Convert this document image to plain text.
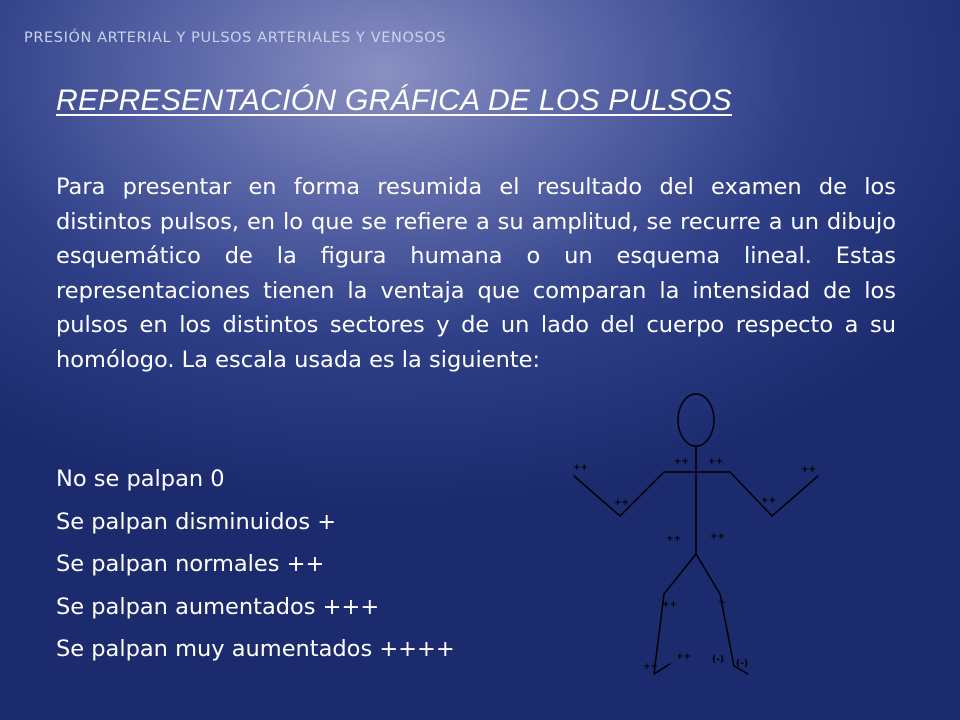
PRESIÓN ARTERIAL Y PULSOS ARTERIALES Y VENOSOS
REPRESENTACIÓN GRÁFICA DE LOS PULSOS

Para presentar en forma resumida el resultado del examen de los distintos pulsos, en lo que se refiere a su amplitud, se recurre a un dibujo esquemático de la figura humana o un esquema lineal. Estas representaciones tienen la ventaja que comparan la intensidad de los pulsos en los distintos sectores y de un lado del cuerpo respecto a su homólogo. La escala usada es la siguiente:

No se palpan 0
Se palpan disminuidos +
Se palpan normales ++
Se palpan aumentados +++
Se palpan muy aumentados ++++
++ ++
++	++
++	++
++	++
++	+
++
++
(-) (-)
